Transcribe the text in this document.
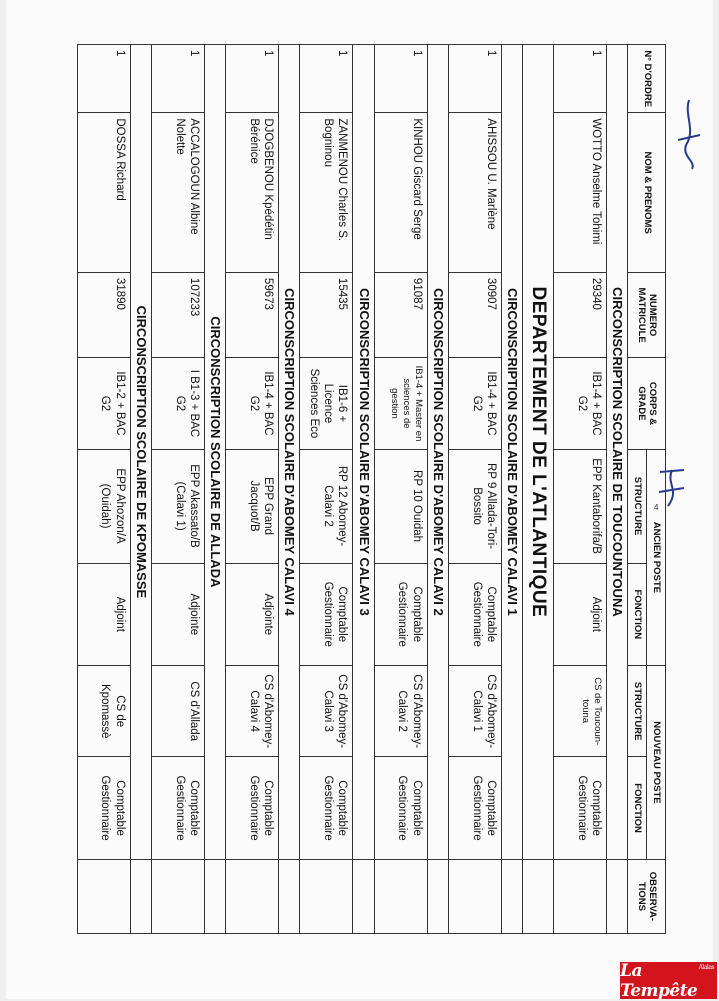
N° D'ORDRE	NOM & PRENOMS	NUMERO MATRICULE	CORPS & GRADE	ANCIEN POSTE		NOUVEAU POSTE		OBSERVA-TIONS
				STRUCTURE	FONCTION	STRUCTURE	FONCTION	
CIRCONSCRIPTION SCOLAIRE DE TOUCOUNTOUNA								
1	WOTTO Anselme Tohimi	29340	IB1-4 + BAC G2	EPP Kantaborifa/B	Adjoint	CS de Toucoun-touna	Comptable Gestionnaire	
DEPARTEMENT DE L'ATLANTIQUE								
CIRCONSCRIPTION SCOLAIRE D'ABOMEY CALAVI 1								
1	AHISSOU U. Marlène	30907	IB1-4 + BAC G2	RP 9 Allada-Tori-Bossito	Comptable Gestionnaire	CS d'Abomey-Calavi 1	Comptable Gestionnaire	
CIRCONSCRIPTION SCOLAIRE D'ABOMEY CALAVI 2								
1	KINHOU Giscard Serge	91087	IB1-4 + Master en sciences de gestion	RP 10 Ouidah	Comptable Gestionnaire	CS d'Abomey-Calavi 2	Comptable Gestionnaire	
CIRCONSCRIPTION SCOLAIRE D'ABOMEY CALAVI 3								
1	ZANMENOU Charles S. Bogninou	15435	IB1-6 + Licence Sciences Eco	RP 12 Abomey-Calavi 2	Comptable Gestionnaire	CS d'Abomey-Calavi 3	Comptable Gestionnaire	
CIRCONSCRIPTION SCOLAIRE D'ABOMEY CALAVI 4								
1	DJOGBENOU Kpédétin Bérénice	59673	IB1-4 + BAC G2	EPP Grand Jacquot/B	Adjointe	CS d'Abomey-Calavi 4	Comptable Gestionnaire	
CIRCONSCRIPTION SCOLAIRE DE ALLADA								
1	ACCALOGOUN Albine Nolette	107233	I B1-3 + BAC G2	EPP Akassato/B (Calavi 1)	Adjointe	CS d'Allada	Comptable Gestionnaire	
CIRCONSCRIPTION SCOLAIRE DE KPOMASSE								
1	DOSSA Richard	31890	IB1-2 + BAC G2	EPP Ahozon/A (Ouidah)	Adjoint	CS de Kpomassè	Comptable Gestionnaire	
4
La Tempête
Alalas
